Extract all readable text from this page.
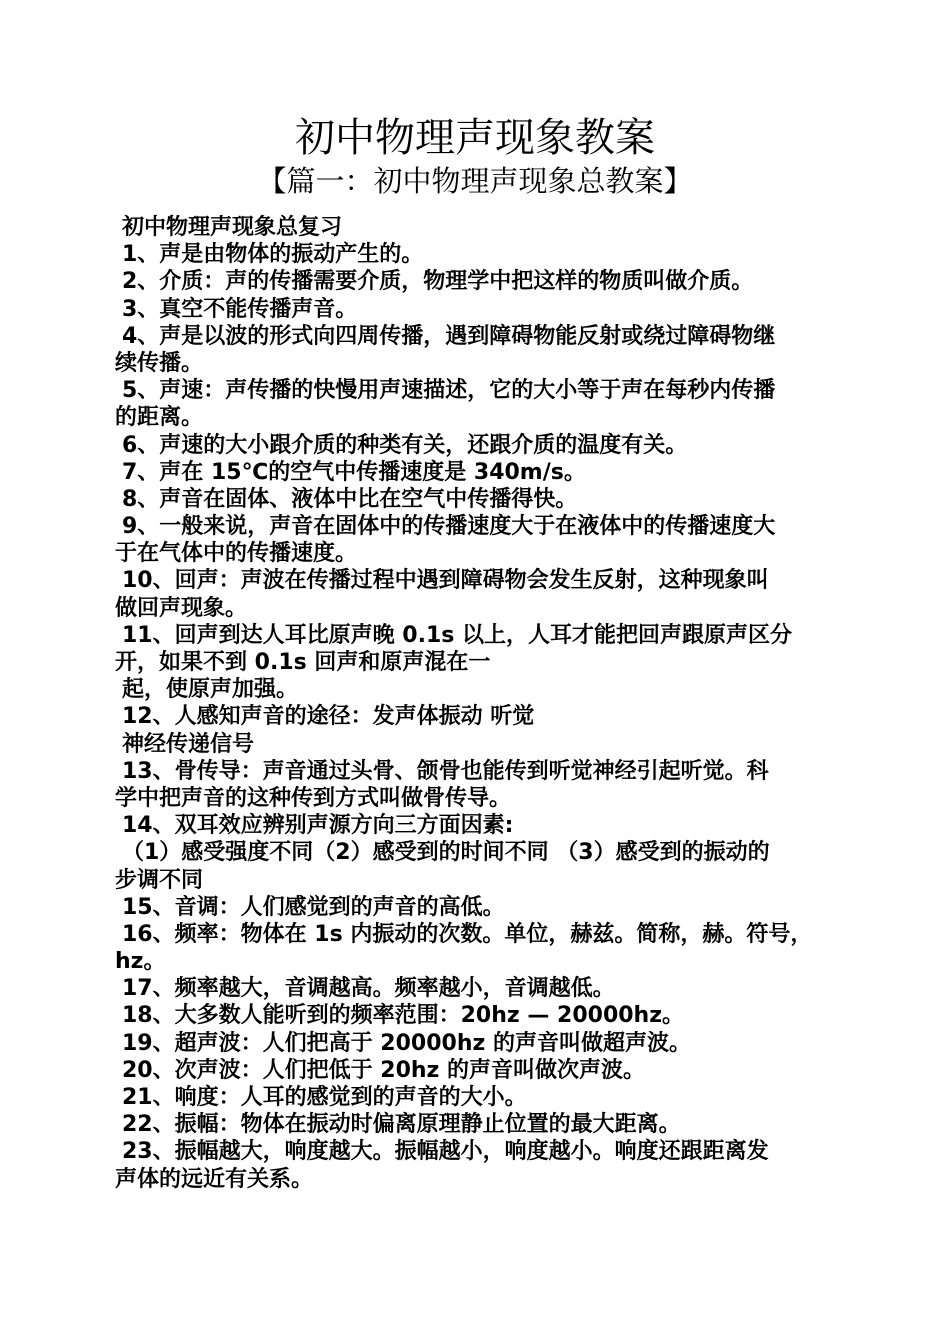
初中物理声现象教案
【篇一：初中物理声现象总教案】

初中物理声现象总复习

1、声是由物体的振动产生的。

2、介质：声的传播需要介质，物理学中把这样的物质叫做介质。

3、真空不能传播声音。

4、声是以波的形式向四周传播，遇到障碍物能反射或绕过障碍物继

续传播。

5、声速：声传播的快慢用声速描述，它的大小等于声在每秒内传播

的距离。

6、声速的大小跟介质的种类有关，还跟介质的温度有关。

7、声在 15℃的空气中传播速度是 340m/s。

8、声音在固体、液体中比在空气中传播得快。

9、一般来说，声音在固体中的传播速度大于在液体中的传播速度大

于在气体中的传播速度。

10、回声：声波在传播过程中遇到障碍物会发生反射，这种现象叫

做回声现象。

11、回声到达人耳比原声晚 0.1s 以上，人耳才能把回声跟原声区分

开，如果不到 0.1s 回声和原声混在一

起，使原声加强。

12、人感知声音的途径：发声体振动 听觉

神经传递信号

13、骨传导：声音通过头骨、颌骨也能传到听觉神经引起听觉。科

学中把声音的这种传到方式叫做骨传导。

14、双耳效应辨别声源方向三方面因素:

（1）感受强度不同（2）感受到的时间不同 （3）感受到的振动的

步调不同

15、音调：人们感觉到的声音的高低。

16、频率：物体在 1s 内振动的次数。单位，赫兹。简称，赫。符号，

hz。

17、频率越大，音调越高。频率越小，音调越低。

18、大多数人能听到的频率范围：20hz — 20000hz。

19、超声波：人们把高于 20000hz 的声音叫做超声波。

20、次声波：人们把低于 20hz 的声音叫做次声波。

21、响度：人耳的感觉到的声音的大小。

22、振幅：物体在振动时偏离原理静止位置的最大距离。

23、振幅越大，响度越大。振幅越小，响度越小。响度还跟距离发

声体的远近有关系。
